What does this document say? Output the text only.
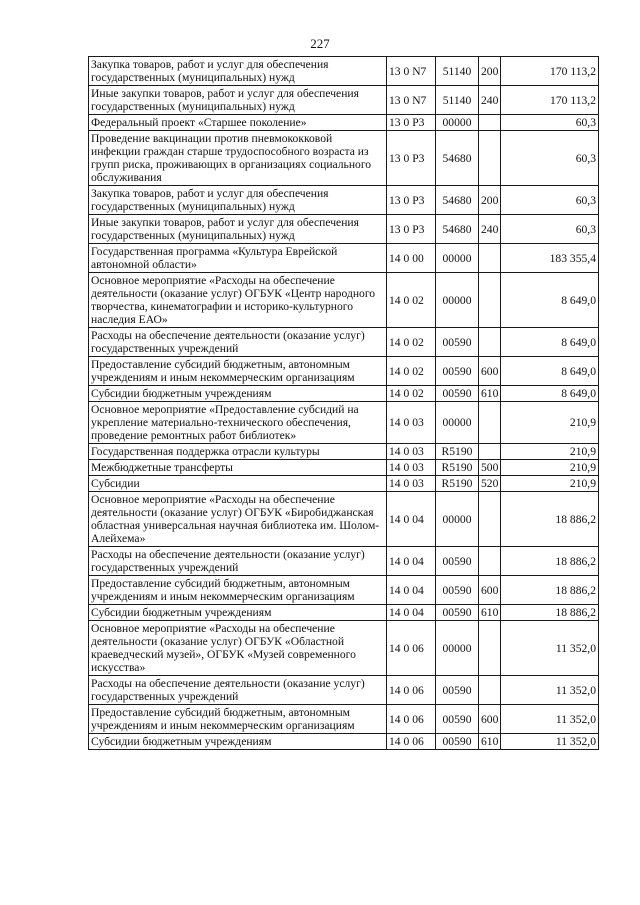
227
Закупка товаров, работ и услуг для обеспечения государственных (муниципальных) нужд	13 0 N7	51140	200	170 113,2
Иные закупки товаров, работ и услуг для обеспечения государственных (муниципальных) нужд	13 0 N7	51140	240	170 113,2
Федеральный проект «Старшее поколение»	13 0 P3	00000		60,3
Проведение вакцинации против пневмококковой инфекции граждан старше трудоспособного возраста из групп риска, проживающих в организациях социального обслуживания	13 0 P3	54680		60,3
Закупка товаров, работ и услуг для обеспечения государственных (муниципальных) нужд	13 0 P3	54680	200	60,3
Иные закупки товаров, работ и услуг для обеспечения государственных (муниципальных) нужд	13 0 P3	54680	240	60,3
Государственная программа «Культура Еврейской автономной области»	14 0 00	00000		183 355,4
Основное мероприятие «Расходы на обеспечение деятельности (оказание услуг) ОГБУК «Центр народного творчества, кинематографии и историко-культурного наследия ЕАО»	14 0 02	00000		8 649,0
Расходы на обеспечение деятельности (оказание услуг) государственных учреждений	14 0 02	00590		8 649,0
Предоставление субсидий бюджетным, автономным учреждениям и иным некоммерческим организациям	14 0 02	00590	600	8 649,0
Субсидии бюджетным учреждениям	14 0 02	00590	610	8 649,0
Основное мероприятие «Предоставление субсидий на укрепление материально-технического обеспечения, проведение ремонтных работ библиотек»	14 0 03	00000		210,9
Государственная поддержка отрасли культуры	14 0 03	R5190		210,9
Межбюджетные трансферты	14 0 03	R5190	500	210,9
Субсидии	14 0 03	R5190	520	210,9
Основное мероприятие «Расходы на обеспечение деятельности (оказание услуг) ОГБУК «Биробиджанская областная универсальная научная библиотека им. Шолом-Алейхема»	14 0 04	00000		18 886,2
Расходы на обеспечение деятельности (оказание услуг) государственных учреждений	14 0 04	00590		18 886,2
Предоставление субсидий бюджетным, автономным учреждениям и иным некоммерческим организациям	14 0 04	00590	600	18 886,2
Субсидии бюджетным учреждениям	14 0 04	00590	610	18 886,2
Основное мероприятие «Расходы на обеспечение деятельности (оказание услуг) ОГБУК «Областной краеведческий музей», ОГБУК «Музей современного искусства»	14 0 06	00000		11 352,0
Расходы на обеспечение деятельности (оказание услуг) государственных учреждений	14 0 06	00590		11 352,0
Предоставление субсидий бюджетным, автономным учреждениям и иным некоммерческим организациям	14 0 06	00590	600	11 352,0
Субсидии бюджетным учреждениям	14 0 06	00590	610	11 352,0
